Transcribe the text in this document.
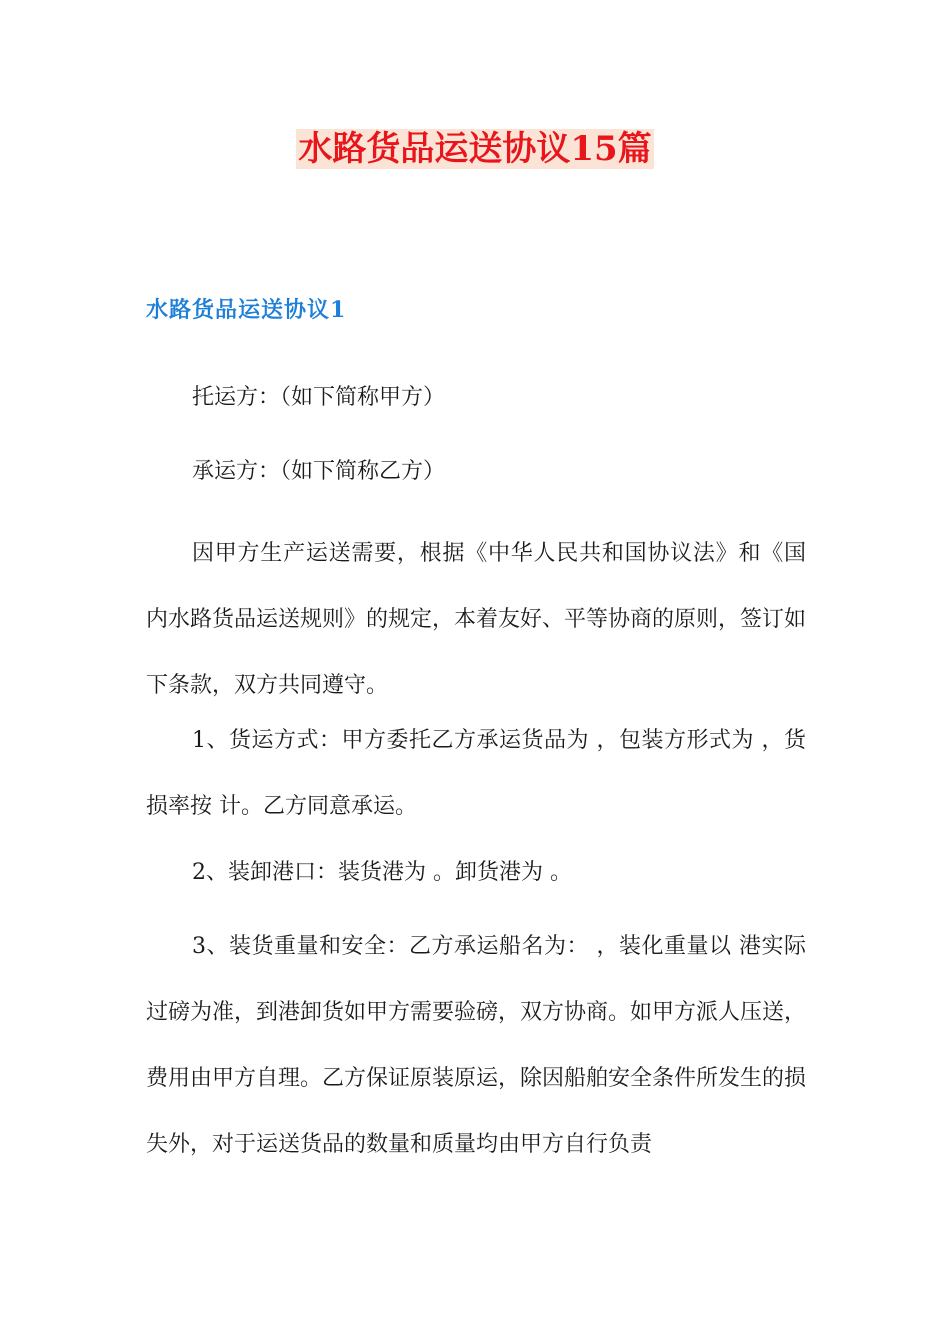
水路货品运送协议15篇
水路货品运送协议1

托运方：（如下简称甲方）

承运方：（如下简称乙方）

因甲方生产运送需要，根据《中华人民共和国协议法》和《国内水路货品运送规则》的规定，本着友好、平等协商的原则，签订如下条款，双方共同遵守。

1、货运方式：甲方委托乙方承运货品为 ，包装方形式为 ，货损率按 计。乙方同意承运。

2、装卸港口：装货港为 。卸货港为 。

3、装货重量和安全：乙方承运船名为： ，装化重量以 港实际过磅为准，到港卸货如甲方需要验磅，双方协商。如甲方派人压送，费用由甲方自理。乙方保证原装原运，除因船舶安全条件所发生的损失外，对于运送货品的数量和质量均由甲方自行负责
